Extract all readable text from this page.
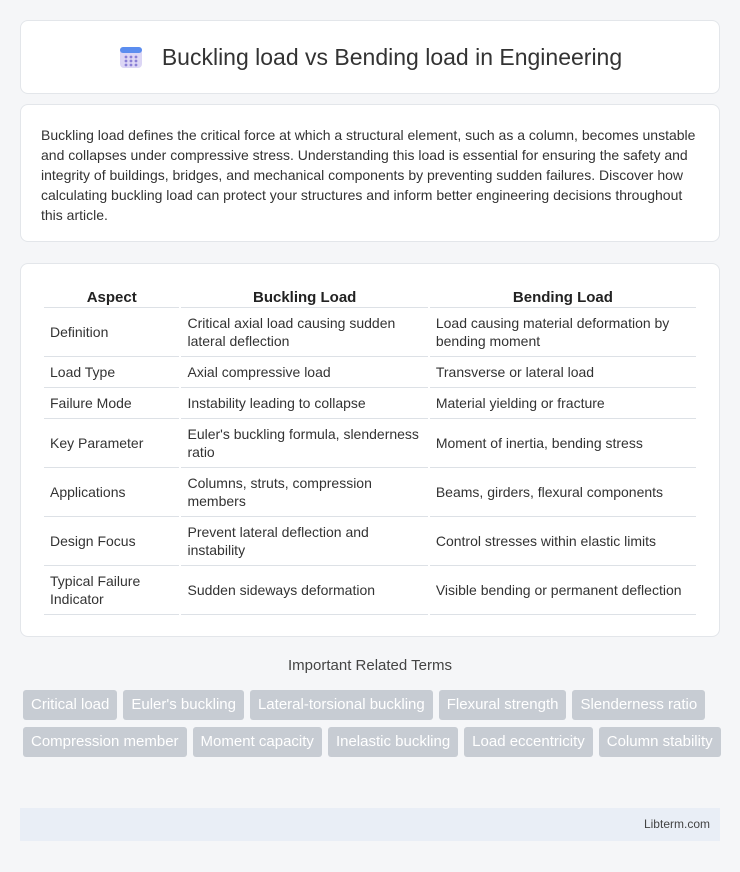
Buckling load vs Bending load in Engineering

Buckling load defines the critical force at which a structural element, such as a column, becomes unstable and collapses under compressive stress. Understanding this load is essential for ensuring the safety and integrity of buildings, bridges, and mechanical components by preventing sudden failures. Discover how calculating buckling load can protect your structures and inform better engineering decisions throughout this article.

Aspect	Buckling Load	Bending Load
Definition	Critical axial load causing sudden lateral deflection	Load causing material deformation by bending moment
Load Type	Axial compressive load	Transverse or lateral load
Failure Mode	Instability leading to collapse	Material yielding or fracture
Key Parameter	Euler's buckling formula, slenderness ratio	Moment of inertia, bending stress
Applications	Columns, struts, compression members	Beams, girders, flexural components
Design Focus	Prevent lateral deflection and instability	Control stresses within elastic limits
Typical Failure Indicator	Sudden sideways deformation	Visible bending or permanent deflection
Important Related Terms
Critical load	Euler's buckling	Lateral-torsional buckling	Flexural strength	Slenderness ratio
Compression member	Moment capacity	Inelastic buckling	Load eccentricity	Column stability
Libterm.com
